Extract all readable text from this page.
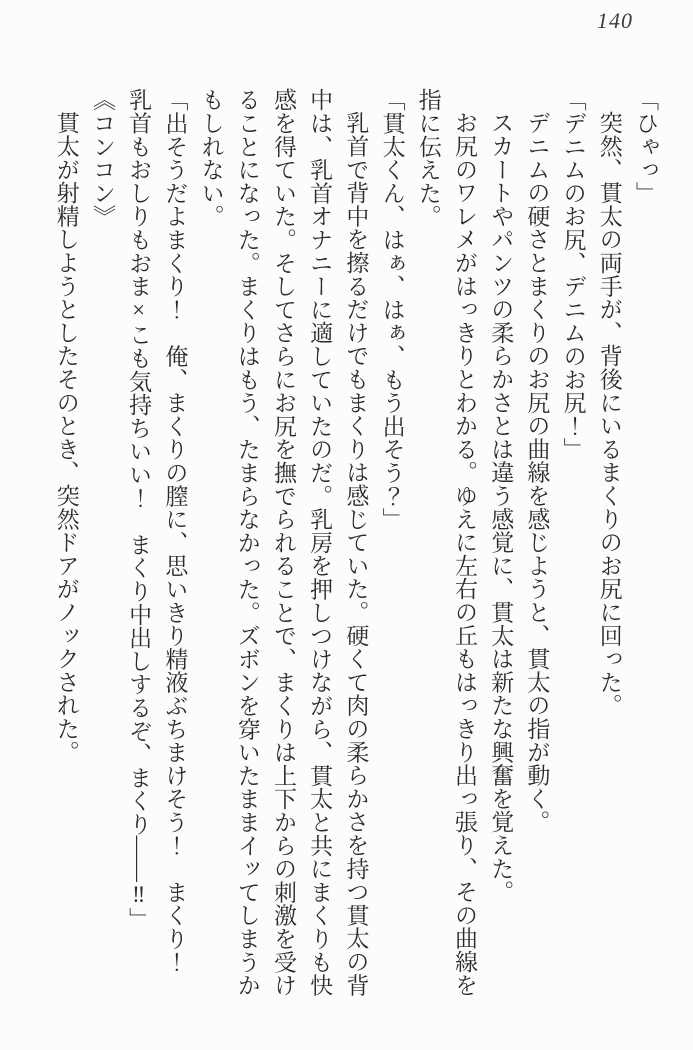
140

「ひゃっ」

突然、貫太の両手が、背後にいるまくりのお尻に回った。

「デニムのお尻、デニムのお尻！」

デニムの硬さとまくりのお尻の曲線を感じようと、貫太の指が動く。

スカートやパンツの柔らかさとは違う感覚に、貫太は新たな興奮を覚えた。

お尻のワレメがはっきりとわかる。ゆえに左右の丘もはっきり出っ張り、その曲線を指に伝えた。

「貫太くん、はぁ、はぁ、もう出そう？」

乳首で背中を擦るだけでもまくりは感じていた。硬くて肉の柔らかさを持つ貫太の背中は、乳首オナニーに適していたのだ。乳房を押しつけながら、貫太と共にまくりも快感を得ていた。そしてさらにお尻を撫でられることで、まくりは上下からの刺激を受けることになった。まくりはもう、たまらなかった。ズボンを穿いたままイッてしまうかもしれない。

「出そうだよまくり！　俺、まくりの膣に、思いきり精液ぶちまけそう！　まくり！　乳首もおしりもおま×こも気持ちいい！　まくり中出しするぞ、まくり――‼」

《コンコン》

貫太が射精しようとしたそのとき、突然ドアがノックされた。
